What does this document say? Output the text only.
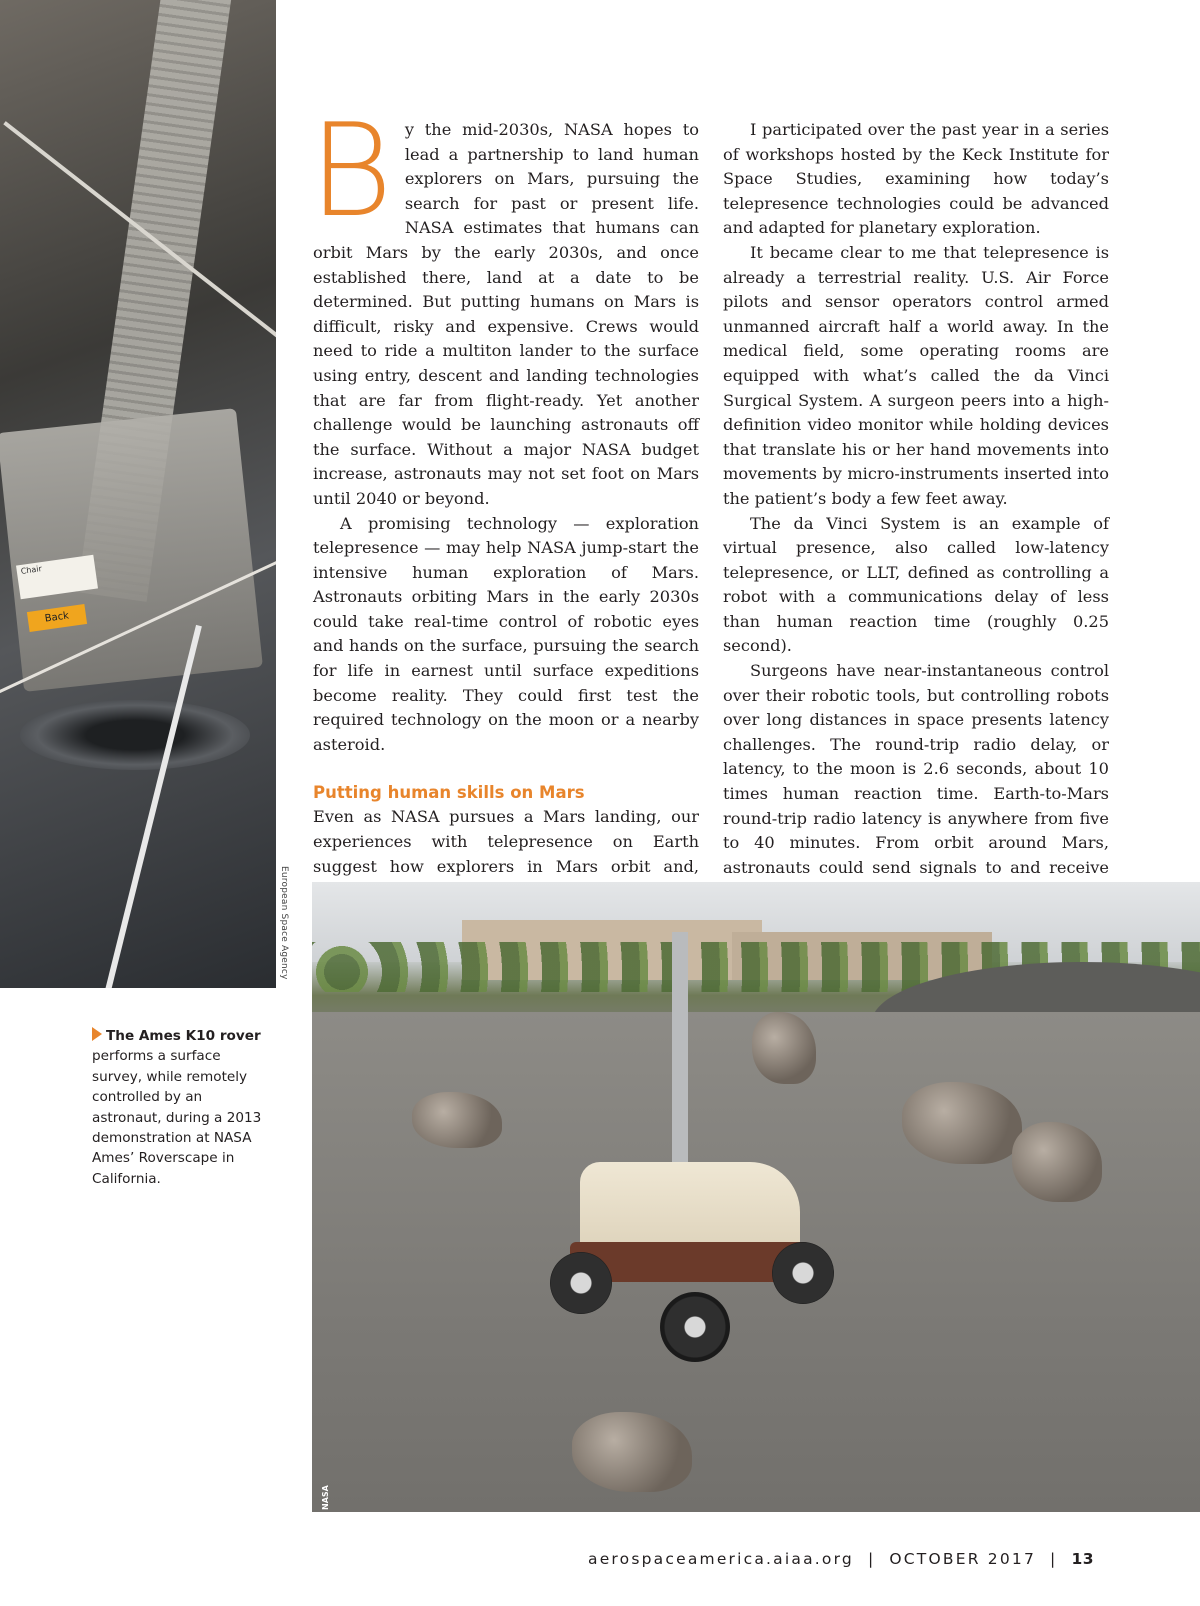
Chair
Back
European Space Agency

By the mid-2030s, NASA hopes to lead a partnership to land human explorers on Mars, pursuing the search for past or present life. NASA estimates that humans can orbit Mars by the early 2030s, and once established there, land at a date to be determined. But putting humans on Mars is difficult, risky and expensive. Crews would need to ride a multiton lander to the surface using entry, descent and landing technologies that are far from flight-ready. Yet another challenge would be launching astronauts off the surface. Without a major NASA budget increase, astronauts may not set foot on Mars until 2040 or beyond.

A promising technology — exploration telepresence — may help NASA jump-start the intensive human exploration of Mars. Astronauts orbiting Mars in the early 2030s could take real-time control of robotic eyes and hands on the surface, pursuing the search for life in earnest until surface expeditions become reality. They could first test the required technology on the moon or a nearby asteroid.

Putting human skills on Mars

Even as NASA pursues a Mars landing, our experiences with telepresence on Earth suggest how explorers in Mars orbit and,

I participated over the past year in a series of workshops hosted by the Keck Institute for Space Studies, examining how today’s telepresence technologies could be advanced and adapted for planetary exploration.

It became clear to me that telepresence is already a terrestrial reality. U.S. Air Force pilots and sensor operators control armed unmanned aircraft half a world away. In the medical field, some operating rooms are equipped with what’s called the da Vinci Surgical System. A surgeon peers into a high-definition video monitor while holding devices that translate his or her hand movements into movements by micro-instruments inserted into the patient’s body a few feet away.

The da Vinci System is an example of virtual presence, also called low-latency telepresence, or LLT, defined as controlling a robot with a communications delay of less than human reaction time (roughly 0.25 second).

Surgeons have near-instantaneous control over their robotic tools, but controlling robots over long distances in space presents latency challenges. The round-trip radio delay, or latency, to the moon is 2.6 seconds, about 10 times human reaction time. Earth-to-Mars round-trip radio latency is anywhere from five to 40 minutes. From orbit around Mars, astronauts could send signals to and receive

NASA
The Ames K10 rover performs a surface survey, while remotely controlled by an astronaut, during a 2013 demonstration at NASA Ames’ Roverscape in California.
aerospaceamerica.aiaa.org | OCTOBER 2017 | 13
